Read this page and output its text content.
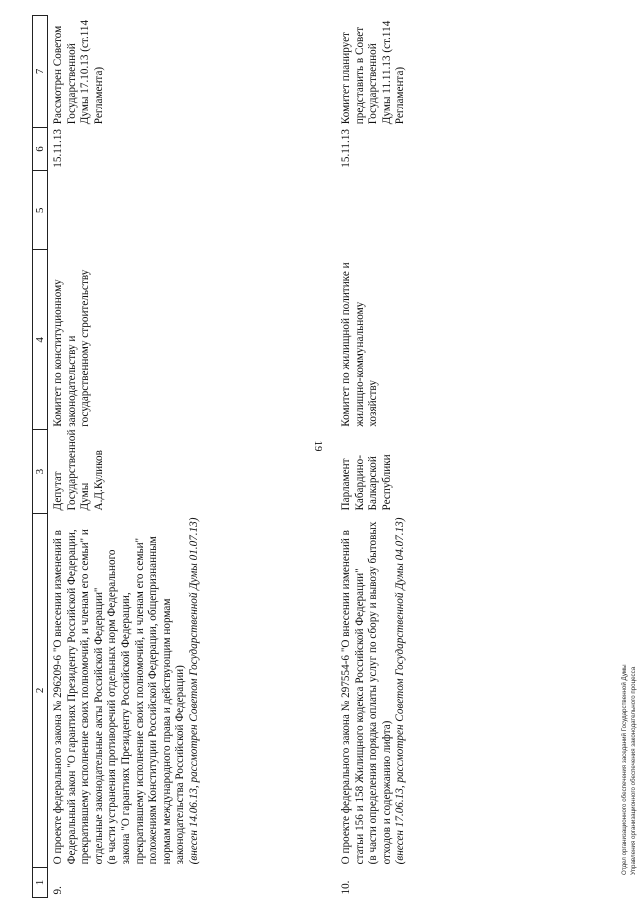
19
1	2	3	4	5	6	7
9.	О проекте федерального закона № 296209-6 "О внесении изменений в Федеральный закон "О гарантиях Президенту Российской Федерации, прекратившему исполнение своих полномочий, и членам его семьи" и отдельные законодательные акты Российской Федерации" (в части устранения противоречий отдельных норм Федерального закона "О гарантиях Президенту Российской Федерации, прекратившему исполнение своих полномочий, и членам его семьи" положениям Конституции Российской Федерации, общепризнанным нормам международного права и действующим нормам законодательства Российской Федерации) (внесен 14.06.13, рассмотрен Советом Государственной Думы 01.07.13)	Депутат Государственной Думы А.Д.Куликов	Комитет по конституционному законодательству и государственному строительству		15.11.13	Рассмотрен Советом Государственной Думы 17.10.13 (ст.114 Регламента)
10.	О проекте федерального закона № 297554-6 "О внесении изменений в статьи 156 и 158 Жилищного кодекса Российской Федерации" (в части определения порядка оплаты услуг по сбору и вывозу бытовых отходов и содержанию лифта) (внесен 17.06.13, рассмотрен Советом Государственной Думы 04.07.13)	Парламент Кабардино-Балкарской Республики	Комитет по жилищной политике и жилищно-коммунальному хозяйству		15.11.13	Комитет планирует представить в Совет Государственной Думы 11.11.13 (ст.114 Регламента)
Отдел организационного обеспечения заседаний Государственной Думы Управления организационного обеспечения законодательного процесса
